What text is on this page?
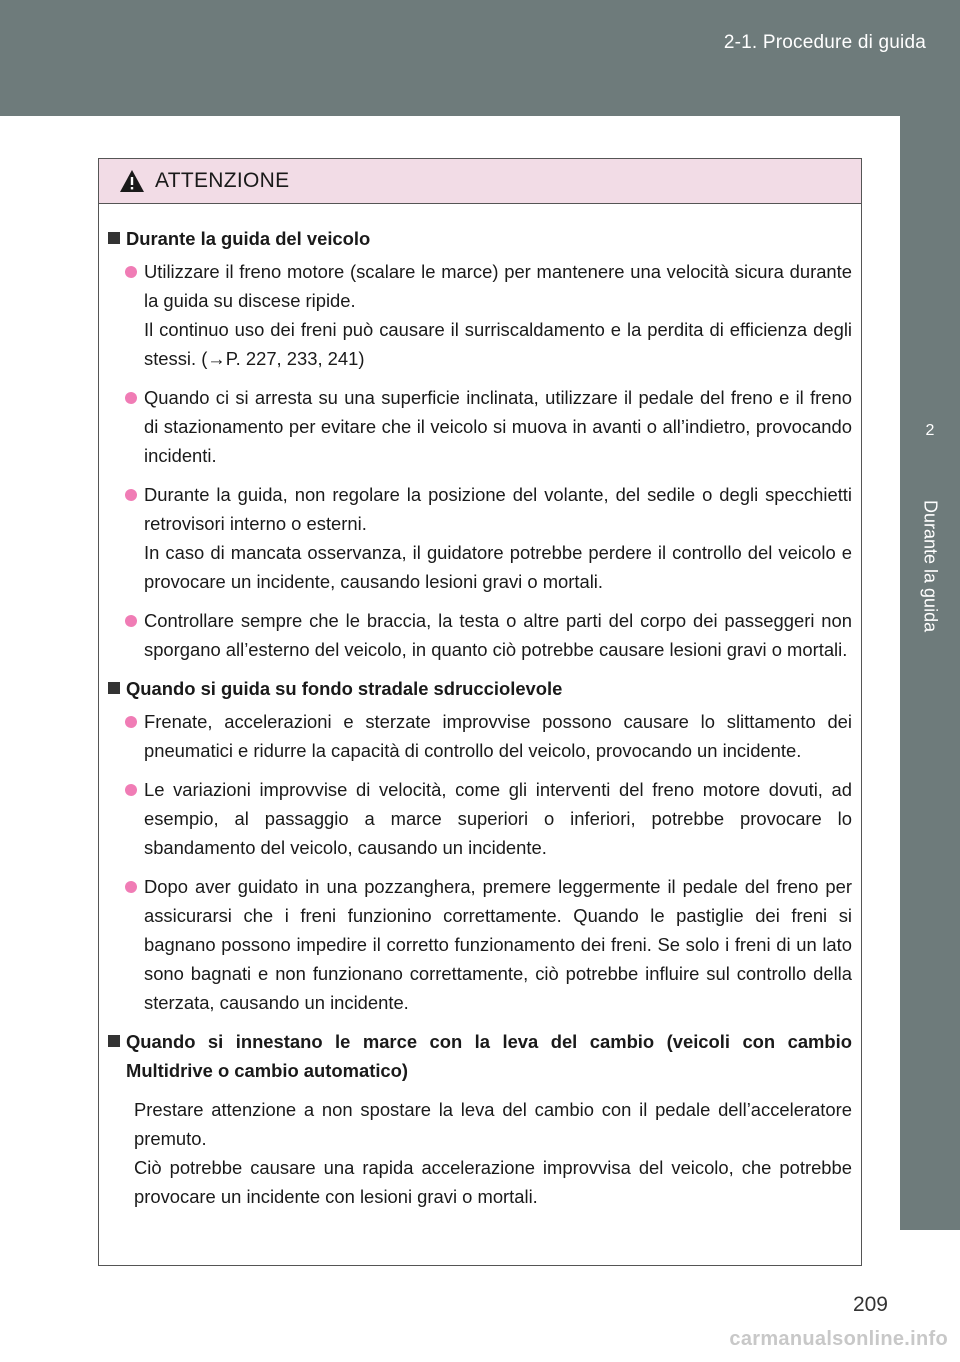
2-1. Procedure di guida
2
Durante la guida
ATTENZIONE
Durante la guida del veicolo
Utilizzare il freno motore (scalare le marce) per mantenere una velocità sicura durante la guida su discese ripide.
Il continuo uso dei freni può causare il surriscaldamento e la perdita di efficienza degli stessi. (→P. 227, 233, 241)
Quando ci si arresta su una superficie inclinata, utilizzare il pedale del freno e il freno di stazionamento per evitare che il veicolo si muova in avanti o all’indietro, provocando incidenti.
Durante la guida, non regolare la posizione del volante, del sedile o degli specchietti retrovisori interno o esterni.
In caso di mancata osservanza, il guidatore potrebbe perdere il controllo del veicolo e provocare un incidente, causando lesioni gravi o mortali.
Controllare sempre che le braccia, la testa o altre parti del corpo dei passeggeri non sporgano all’esterno del veicolo, in quanto ciò potrebbe causare lesioni gravi o mortali.
Quando si guida su fondo stradale sdrucciolevole
Frenate, accelerazioni e sterzate improvvise possono causare lo slittamento dei pneumatici e ridurre la capacità di controllo del veicolo, provocando un incidente.
Le variazioni improvvise di velocità, come gli interventi del freno motore dovuti, ad esempio, al passaggio a marce superiori o inferiori, potrebbe provocare lo sbandamento del veicolo, causando un incidente.
Dopo aver guidato in una pozzanghera, premere leggermente il pedale del freno per assicurarsi che i freni funzionino correttamente. Quando le pastiglie dei freni si bagnano possono impedire il corretto funzionamento dei freni. Se solo i freni di un lato sono bagnati e non funzionano correttamente, ciò potrebbe influire sul controllo della sterzata, causando un incidente.
Quando si innestano le marce con la leva del cambio (veicoli con cambio Multidrive o cambio automatico)
Prestare attenzione a non spostare la leva del cambio con il pedale dell’acceleratore premuto.
Ciò potrebbe causare una rapida accelerazione improvvisa del veicolo, che potrebbe provocare un incidente con lesioni gravi o mortali.
209
carmanualsonline.info
